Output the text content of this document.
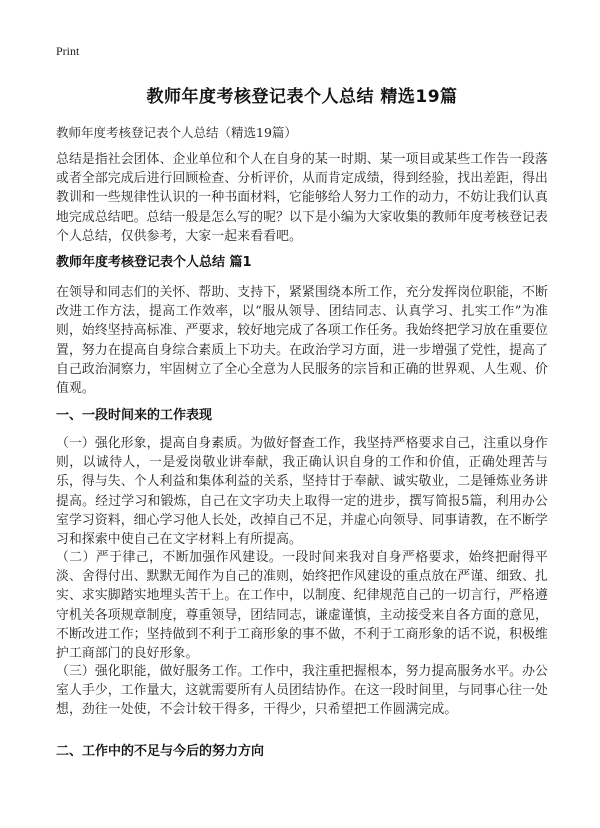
Print
教师年度考核登记表个人总结 精选19篇
教师年度考核登记表个人总结（精选19篇）
总结是指社会团体、企业单位和个人在自身的某一时期、某一项目或某些工作告一段落或者全部完成后进行回顾检查、分析评价，从而肯定成绩，得到经验，找出差距，得出教训和一些规律性认识的一种书面材料，它能够给人努力工作的动力，不妨让我们认真地完成总结吧。总结一般是怎么写的呢？以下是小编为大家收集的教师年度考核登记表个人总结，仅供参考，大家一起来看看吧。
教师年度考核登记表个人总结 篇1
在领导和同志们的关怀、帮助、支持下，紧紧围绕本所工作，充分发挥岗位职能，不断改进工作方法，提高工作效率，以“服从领导、团结同志、认真学习、扎实工作”为准则，始终坚持高标准、严要求，较好地完成了各项工作任务。我始终把学习放在重要位置，努力在提高自身综合素质上下功夫。在政治学习方面，进一步增强了党性，提高了自己政治洞察力，牢固树立了全心全意为人民服务的宗旨和正确的世界观、人生观、价值观。
一、一段时间来的工作表现
（一）强化形象，提高自身素质。为做好督查工作，我坚持严格要求自己，注重以身作则，以诚待人，一是爱岗敬业讲奉献，我正确认识自身的工作和价值，正确处理苦与乐，得与失、个人利益和集体利益的关系，坚持甘于奉献、诚实敬业，二是锤炼业务讲提高。经过学习和锻炼，自己在文字功夫上取得一定的进步，撰写简报5篇，利用办公室学习资料，细心学习他人长处，改掉自己不足，并虚心向领导、同事请教，在不断学习和探索中使自己在文字材料上有所提高。
（二）严于律己，不断加强作风建设。一段时间来我对自身严格要求，始终把耐得平淡、舍得付出、默默无闻作为自己的准则，始终把作风建设的重点放在严谨、细致、扎实、求实脚踏实地埋头苦干上。在工作中，以制度、纪律规范自己的一切言行，严格遵守机关各项规章制度，尊重领导，团结同志，谦虚谨慎，主动接受来自各方面的意见，不断改进工作；坚持做到不利于工商形象的事不做，不利于工商形象的话不说，积极维护工商部门的良好形象。
（三）强化职能，做好服务工作。工作中，我注重把握根本，努力提高服务水平。办公室人手少，工作量大，这就需要所有人员团结协作。在这一段时间里，与同事心往一处想，劲往一处使，不会计较干得多，干得少，只希望把工作圆满完成。
二、工作中的不足与今后的努力方向
